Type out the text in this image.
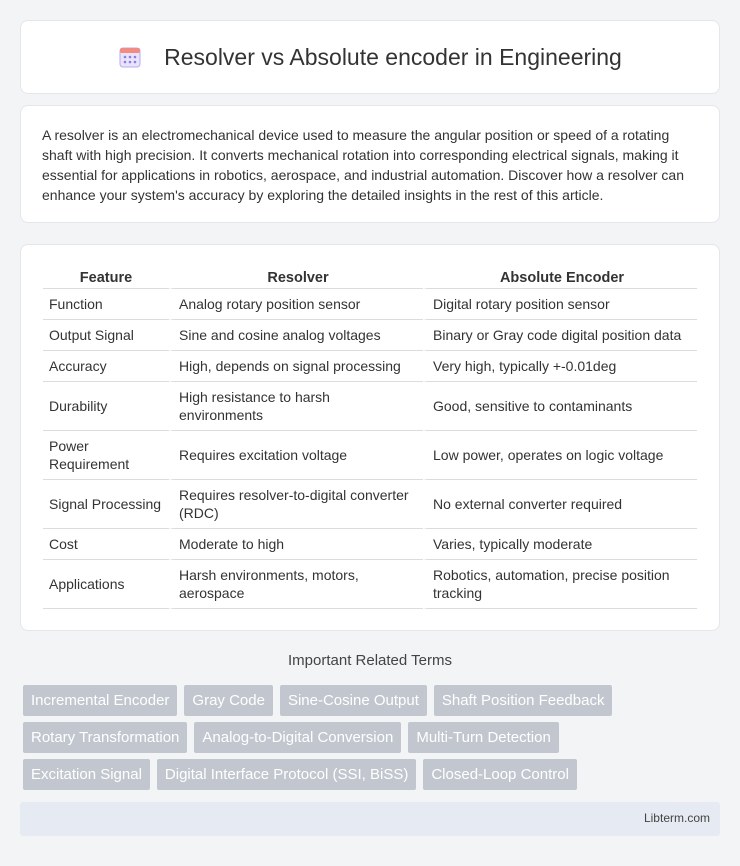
Resolver vs Absolute encoder in Engineering

A resolver is an electromechanical device used to measure the angular position or speed of a rotating shaft with high precision. It converts mechanical rotation into corresponding electrical signals, making it essential for applications in robotics, aerospace, and industrial automation. Discover how a resolver can enhance your system's accuracy by exploring the detailed insights in the rest of this article.

Feature	Resolver	Absolute Encoder
Function	Analog rotary position sensor	Digital rotary position sensor
Output Signal	Sine and cosine analog voltages	Binary or Gray code digital position data
Accuracy	High, depends on signal processing	Very high, typically +-0.01deg
Durability	High resistance to harsh environments	Good, sensitive to contaminants
Power Requirement	Requires excitation voltage	Low power, operates on logic voltage
Signal Processing	Requires resolver-to-digital converter (RDC)	No external converter required
Cost	Moderate to high	Varies, typically moderate
Applications	Harsh environments, motors, aerospace	Robotics, automation, precise position tracking
Important Related Terms
Incremental Encoder	Gray Code	Sine-Cosine Output	Shaft Position Feedback
Rotary Transformation	Analog-to-Digital Conversion	Multi-Turn Detection
Excitation Signal	Digital Interface Protocol (SSI, BiSS)	Closed-Loop Control
Libterm.com
